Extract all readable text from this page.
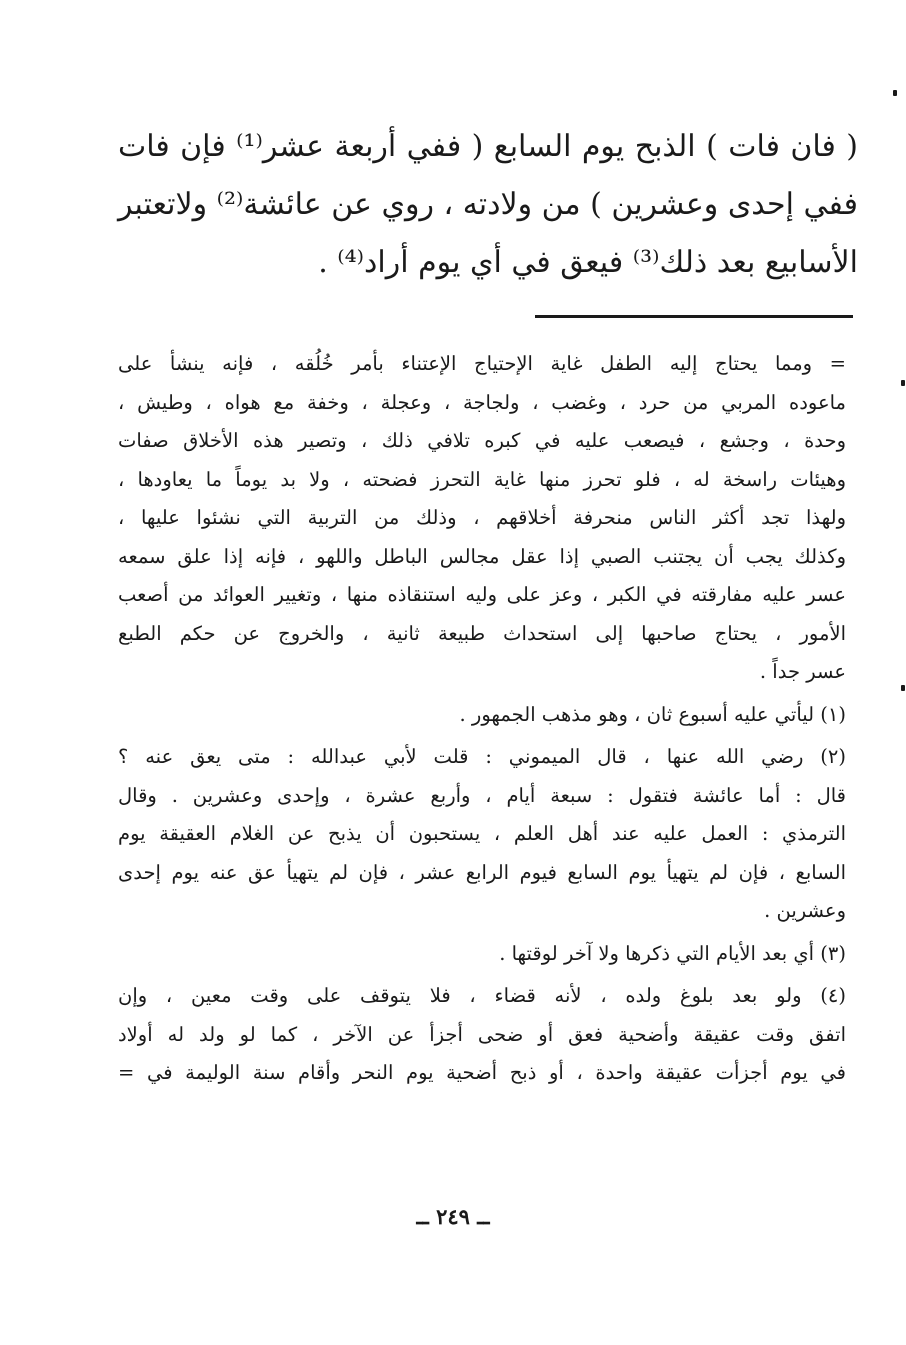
( فان فات ) الذبح يوم السابع ( ففي أربعة عشر⁽¹⁾ فإن فات
ففي إحدى وعشرين ) من ولادته ، روي عن عائشة⁽²⁾ ولاتعتبر
الأسابيع بعد ذلك⁽³⁾ فيعق في أي يوم أراد⁽⁴⁾ .
= ومما يحتاج إليه الطفل غاية الإحتياج الإعتناء بأمر خُلُقه ، فإنه ينشأ على
ماعوده المربي من حرد ، وغضب ، ولجاجة ، وعجلة ، وخفة مع هواه ، وطيش ،
وحدة ، وجشع ، فيصعب عليه في كبره تلافي ذلك ، وتصير هذه الأخلاق صفات
وهيئات راسخة له ، فلو تحرز منها غاية التحرز فضحته ، ولا بد يوماً ما يعاودها ،
ولهذا تجد أكثر الناس منحرفة أخلاقهم ، وذلك من التربية التي نشئوا عليها ،
وكذلك يجب أن يجتنب الصبي إذا عقل مجالس الباطل واللهو ، فإنه إذا علق سمعه
عسر عليه مفارقته في الكبر ، وعز على وليه استنقاذه منها ، وتغيير العوائد من أصعب
الأمور ، يحتاج صاحبها إلى استحداث طبيعة ثانية ، والخروج عن حكم الطبع
عسر جداً .
(١) ليأتي عليه أسبوع ثان ، وهو مذهب الجمهور .
(٢) رضي الله عنها ، قال الميموني : قلت لأبي عبدالله : متى يعق عنه ؟
قال : أما عائشة فتقول : سبعة أيام ، وأربع عشرة ، وإحدى وعشرين . وقال
الترمذي : العمل عليه عند أهل العلم ، يستحبون أن يذبح عن الغلام العقيقة يوم
السابع ، فإن لم يتهيأ يوم السابع فيوم الرابع عشر ، فإن لم يتهيأ عق عنه يوم إحدى
وعشرين .
(٣) أي بعد الأيام التي ذكرها ولا آخر لوقتها .
(٤) ولو بعد بلوغ ولده ، لأنه قضاء ، فلا يتوقف على وقت معين ، وإن
اتفق وقت عقيقة وأضحية فعق أو ضحى أجزأ عن الآخر ، كما لو ولد له أولاد
في يوم أجزأت عقيقة واحدة ، أو ذبح أضحية يوم النحر وأقام سنة الوليمة في =
ــ ٢٤٩ ــ
